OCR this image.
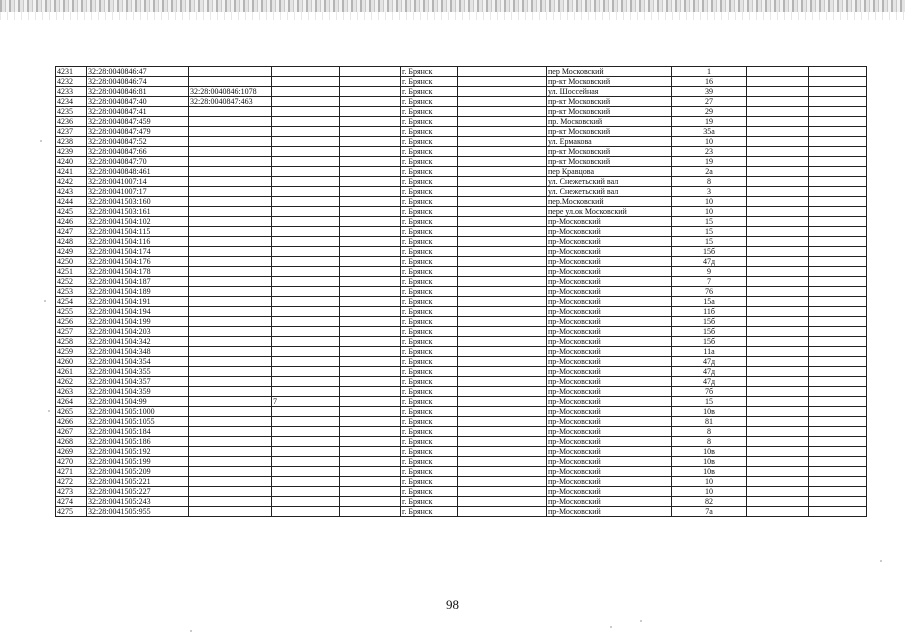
4231	32:28:0040846:47				г. Брянск		пер Московский	1		
4232	32:28:0040846:74				г. Брянск		пр-кт Московский	16		
4233	32:28:0040846:81	32:28:0040846:1078			г. Брянск		ул. Шоссейная	39		
4234	32:28:0040847:40	32:28:0040847:463			г. Брянск		пр-кт Московский	27		
4235	32:28:0040847:41				г. Брянск		пр-кт Московский	29		
4236	32:28:0040847:459				г. Брянск		пр. Московский	19		
4237	32:28:0040847:479				г. Брянск		пр-кт Московский	35а		
4238	32:28:0040847:52				г. Брянск		ул. Ермакова	10		
4239	32:28:0040847:66				г. Брянск		пр-кт Московский	23		
4240	32:28:0040847:70				г. Брянск		пр-кт Московский	19		
4241	32:28:0040848:461				г. Брянск		пер Кравцова	2а		
4242	32:28:0041007:14				г. Брянск		ул. Снежетьский вал	8		
4243	32:28:0041007:17				г. Брянск		ул. Снежетьский вал	3		
4244	32:28:0041503:160				г. Брянск		пер.Московский	10		
4245	32:28:0041503:161				г. Брянск		пере ул.ок Московский	10		
4246	32:28:0041504:102				г. Брянск		пр-Московский	15		
4247	32:28:0041504:115				г. Брянск		пр-Московский	15		
4248	32:28:0041504:116				г. Брянск		пр-Московский	15		
4249	32:28:0041504:174				г. Брянск		пр-Московский	15б		
4250	32:28:0041504:176				г. Брянск		пр-Московский	47д		
4251	32:28:0041504:178				г. Брянск		пр-Московский	9		
4252	32:28:0041504:187				г. Брянск		пр-Московский	7		
4253	32:28:0041504:189				г. Брянск		пр-Московский	76		
4254	32:28:0041504:191				г. Брянск		пр-Московский	15а		
4255	32:28:0041504:194				г. Брянск		пр-Московский	11б		
4256	32:28:0041504:199				г. Брянск		пр-Московский	15б		
4257	32:28:0041504:203				г. Брянск		пр-Московский	15б		
4258	32:28:0041504:342				г. Брянск		пр-Московский	15б		
4259	32:28:0041504:348				г. Брянск		пр-Московский	11а		
4260	32:28:0041504:354				г. Брянск		пр-Московский	47д		
4261	32:28:0041504:355				г. Брянск		пр-Московский	47д		
4262	32:28:0041504:357				г. Брянск		пр-Московский	47д		
4263	32:28:0041504:359				г. Брянск		пр-Московский	7б		
4264	32:28:0041504:99		7		г. Брянск		пр-Московский	15		
4265	32:28:0041505:1000				г. Брянск		пр-Московский	10в		
4266	32:28:0041505:1055				г. Брянск		пр-Московский	81		
4267	32:28:0041505:184				г. Брянск		пр-Московский	8		
4268	32:28:0041505:186				г. Брянск		пр-Московский	8		
4269	32:28:0041505:192				г. Брянск		пр-Московский	10в		
4270	32:28:0041505:199				г. Брянск		пр-Московский	10в		
4271	32:28:0041505:209				г. Брянск		пр-Московский	10в		
4272	32:28:0041505:221				г. Брянск		пр-Московский	10		
4273	32:28:0041505:227				г. Брянск		пр-Московский	10		
4274	32:28:0041505:243				г. Брянск		пр-Московский	82		
4275	32:28:0041505:955				г. Брянск		пр-Московский	7а		
98
